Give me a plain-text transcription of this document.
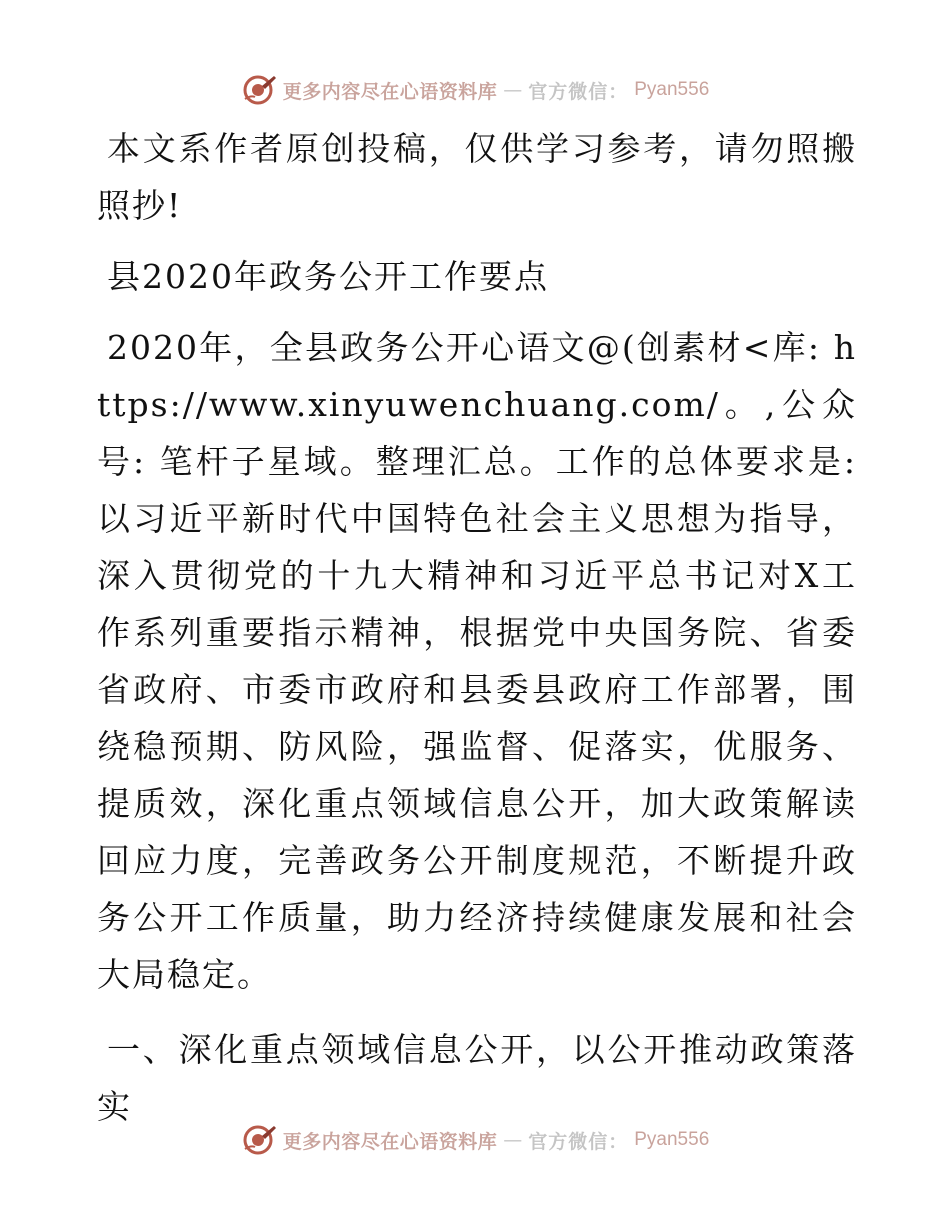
更多内容尽在心语资料库 — 官方微信： Pyan556

本文系作者原创投稿，仅供学习参考，请勿照搬照抄!

县2020年政务公开工作要点

2020年，全县政务公开心语文@(创素材<库: https://www.xinyuwenchuang.com/。,公众号: 笔杆子星域。整理汇总。工作的总体要求是: 以习近平新时代中国特色社会主义思想为指导，深入贯彻党的十九大精神和习近平总书记对X工作系列重要指示精神，根据党中央国务院、省委省政府、市委市政府和县委县政府工作部署，围绕稳预期、防风险，强监督、促落实，优服务、提质效，深化重点领域信息公开，加大政策解读回应力度，完善政务公开制度规范，不断提升政务公开工作质量，助力经济持续健康发展和社会大局稳定。

一、深化重点领域信息公开，以公开推动政策落实

更多内容尽在心语资料库 — 官方微信： Pyan556
